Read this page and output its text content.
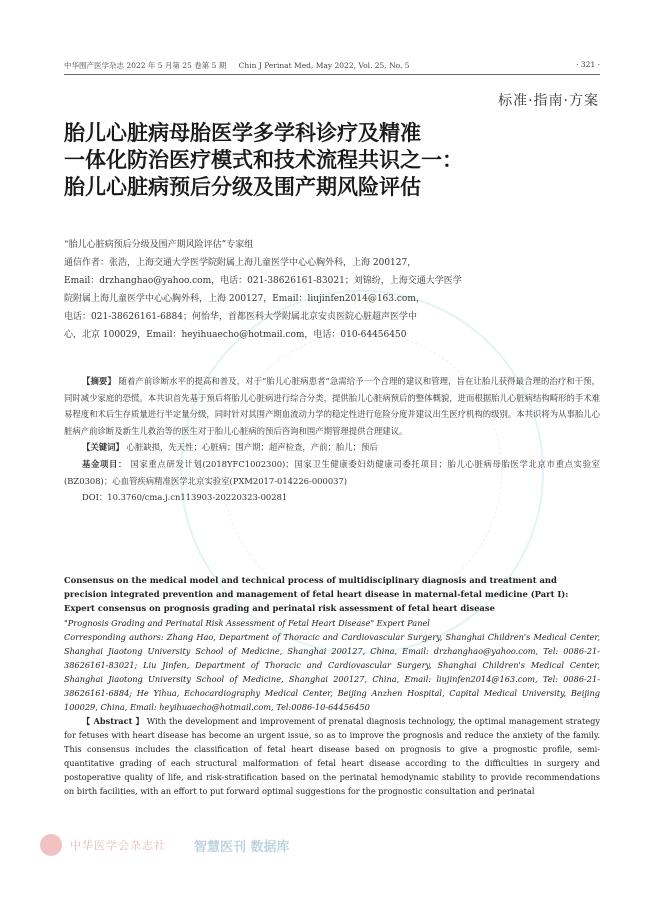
中华围产医学杂志 2022 年 5 月第 25 卷第 5 期 Chin J Perinat Med, May 2022, Vol. 25, No. 5	· 321 ·
标准·指南·方案
胎儿心脏病母胎医学多学科诊疗及精准
一体化防治医疗模式和技术流程共识之一：
胎儿心脏病预后分级及围产期风险评估
“胎儿心脏病预后分级及围产期风险评估”专家组
通信作者：张浩，上海交通大学医学院附属上海儿童医学中心心胸外科，上海 200127，
Email：drzhanghao@yahoo.com，电话：021-38626161-83021；刘锦纷，上海交通大学医学
院附属上海儿童医学中心心胸外科，上海 200127，Email：liujinfen2014@163.com，
电话：021-38626161-6884；何怡华，首都医科大学附属北京安贞医院心脏超声医学中
心，北京 100029，Email：heyihuaecho@hotmail.com，电话：010-64456450
【摘要】 随着产前诊断水平的提高和普及，对于“胎儿心脏病患者”急需给予一个合理的建议和管理，旨在让胎儿获得最合理的治疗和干预，同时减少家庭的恐慌。本共识首先基于预后将胎儿心脏病进行综合分类，提供胎儿心脏病预后的整体概貌，进而根据胎儿心脏病结构畸形的手术难易程度和术后生存质量进行半定量分级，同时针对其围产期血流动力学的稳定性进行危险分度并建议出生医疗机构的级别。本共识将为从事胎儿心脏病产前诊断及新生儿救治等的医生对于胎儿心脏病的预后咨询和围产期管理提供合理建议。
【关键词】 心脏缺损，先天性；心脏病；围产期；超声检查，产前；胎儿；预后
基金项目： 国家重点研发计划(2018YFC1002300)；国家卫生健康委妇幼健康司委托项目；胎儿心脏病母胎医学北京市重点实验室(BZ0308)；心血管疾病精准医学北京实验室(PXM2017-014226-000037)
DOI：10.3760/cma.j.cn113903-20220323-00281
Consensus on the medical model and technical process of multidisciplinary diagnosis and treatment and precision integrated prevention and management of fetal heart disease in maternal-fetal medicine (Part I): Expert consensus on prognosis grading and perinatal risk assessment of fetal heart disease
"Prognosis Grading and Perinatal Risk Assessment of Fetal Heart Disease" Expert Panel
Corresponding authors: Zhang Hao, Department of Thoracic and Cardiovascular Surgery, Shanghai Children's Medical Center, Shanghai Jiaotong University School of Medicine, Shanghai 200127, China, Email: drzhanghao@yahoo.com, Tel: 0086-21-38626161-83021; Liu Jinfen, Department of Thoracic and Cardiovascular Surgery, Shanghai Children's Medical Center, Shanghai Jiaotong University School of Medicine, Shanghai 200127, China, Email: liujinfen2014@163.com, Tel: 0086-21-38626161-6884; He Yihua, Echocardiography Medical Center, Beijing Anzhen Hospital, Capital Medical University, Beijing 100029, China, Email: heyihuaecho@hotmail.com, Tel:0086-10-64456450
【 Abstract 】 With the development and improvement of prenatal diagnosis technology, the optimal management strategy for fetuses with heart disease has become an urgent issue, so as to improve the prognosis and reduce the anxiety of the family. This consensus includes the classification of fetal heart disease based on prognosis to give a prognostic profile, semi-quantitative grading of each structural malformation of fetal heart disease according to the difficulties in surgery and postoperative quality of life, and risk-stratification based on the perinatal hemodynamic stability to provide recommendations on birth facilities, with an effort to put forward optimal suggestions for the prognostic consultation and perinatal
中华医学会杂志社 智慧医刊 数据库
